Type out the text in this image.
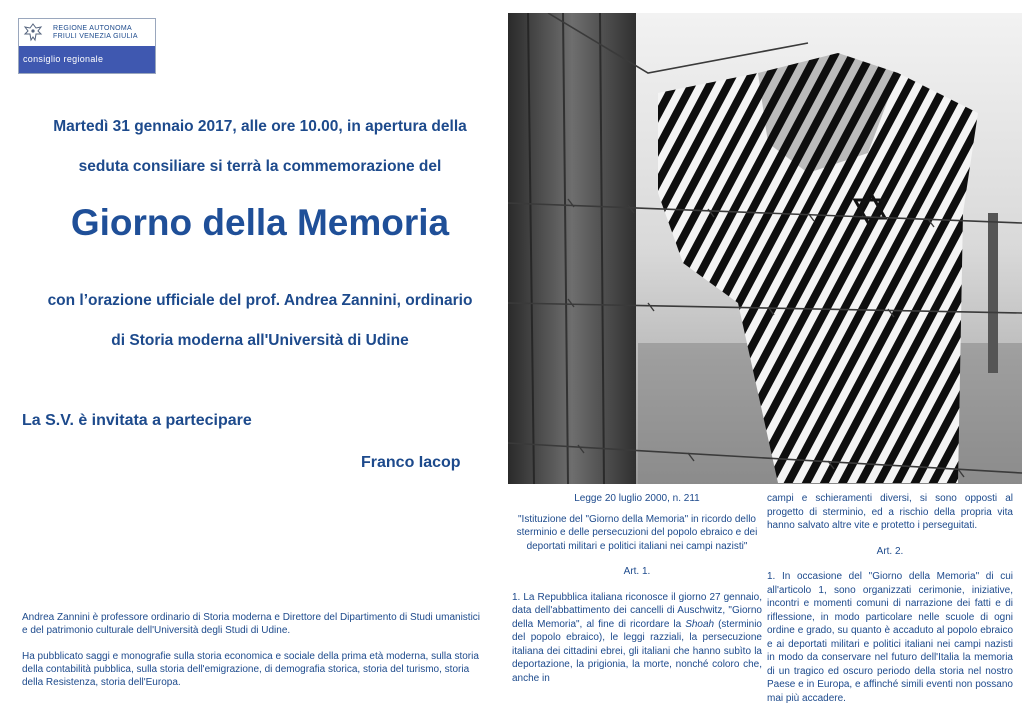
REGIONE AUTONOMA
FRIULI VENEZIA GIULIA
consiglio regionale
Martedì 31 gennaio 2017, alle ore 10.00, in apertura della
seduta consiliare si terrà la commemorazione del
Giorno della Memoria
con l’orazione ufficiale del prof. Andrea Zannini, ordinario
di Storia moderna all'Università di Udine
La S.V. è invitata a partecipare
Franco Iacop
Andrea Zannini è professore ordinario di Storia moderna e Direttore del Dipartimento di Studi umanistici e del patrimonio culturale dell'Università degli Studi di Udine.
Ha pubblicato saggi e monografie sulla storia economica e sociale della prima età moderna, sulla storia della contabilità pubblica, sulla storia dell'emigrazione, di demografia storica, storia del turismo, storia della Resistenza, storia dell'Europa.

Legge 20 luglio 2000, n. 211

"Istituzione del "Giorno della Memoria" in ricordo dello sterminio e delle persecuzioni del popolo ebraico e dei deportati militari e politici italiani nei campi nazisti"

Art. 1.

1. La Repubblica italiana riconosce il giorno 27 gennaio, data dell'abbattimento dei cancelli di Auschwitz, "Giorno della Memoria", al fine di ricordare la Shoah (sterminio del popolo ebraico), le leggi razziali, la persecuzione italiana dei cittadini ebrei, gli italiani che hanno subìto la deportazione, la prigionia, la morte, nonché coloro che, anche in

campi e schieramenti diversi, si sono opposti al progetto di sterminio, ed a rischio della propria vita hanno salvato altre vite e protetto i perseguitati.

Art. 2.

1. In occasione del "Giorno della Memoria" di cui all'articolo 1, sono organizzati cerimonie, iniziative, incontri e momenti comuni di narrazione dei fatti e di riflessione, in modo particolare nelle scuole di ogni ordine e grado, su quanto è accaduto al popolo ebraico e ai deportati militari e politici italiani nei campi nazisti in modo da conservare nel futuro dell'Italia la memoria di un tragico ed oscuro periodo della storia nel nostro Paese e in Europa, e affinché simili eventi non possano mai più accadere.
